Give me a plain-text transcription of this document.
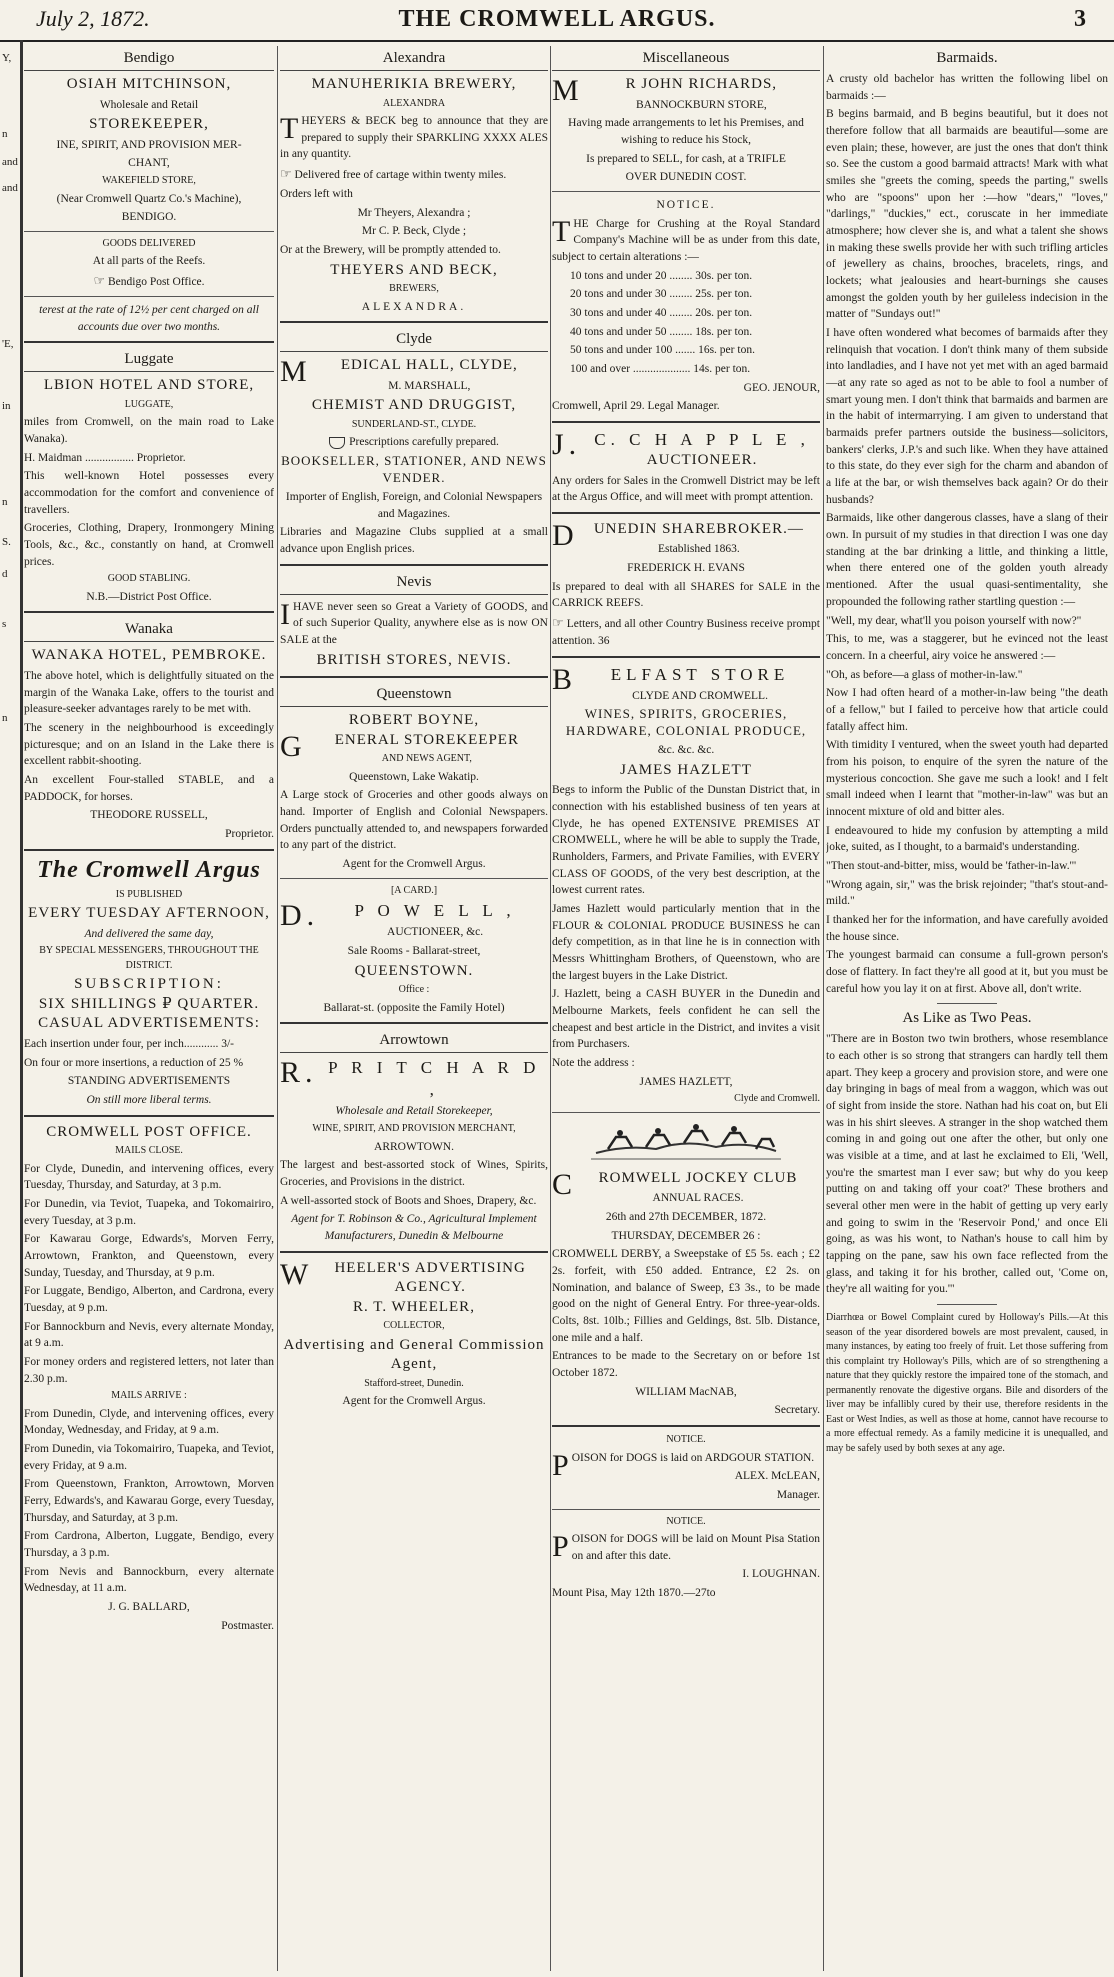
July 2, 1872.	THE CROMWELL ARGUS.	3
Y,
n
and
and
'E,
in
n
S.
d
s
n
Bendigo
OSIAH MITCHINSON,

Wholesale and Retail

STOREKEEPER,

INE, SPIRIT, AND PROVISION MER-

CHANT,

WAKEFIELD STORE,

(Near Cromwell Quartz Co.'s Machine),

BENDIGO.

GOODS DELIVERED

At all parts of the Reefs.

☞ Bendigo Post Office.

terest at the rate of 12½ per cent charged on all accounts due over two months.

Luggate
LBION HOTEL AND STORE,

LUGGATE,

miles from Cromwell, on the main road to Lake Wanaka).

H. Maidman ................. Proprietor.

This well-known Hotel possesses every accommodation for the comfort and convenience of travellers.

Groceries, Clothing, Drapery, Ironmongery Mining Tools, &c., &c., constantly on hand, at Cromwell prices.

GOOD STABLING.

N.B.—District Post Office.

Wanaka
WANAKA HOTEL, PEMBROKE.

The above hotel, which is delightfully situated on the margin of the Wanaka Lake, offers to the tourist and pleasure-seeker advantages rarely to be met with.

The scenery in the neighbourhood is exceedingly picturesque; and on an Island in the Lake there is excellent rabbit-shooting.

An excellent Four-stalled STABLE, and a PADDOCK, for horses.

THEODORE RUSSELL,

Proprietor.

The Cromwell Argus

IS PUBLISHED

EVERY TUESDAY AFTERNOON,

And delivered the same day,

BY SPECIAL MESSENGERS, THROUGHOUT THE DISTRICT.

SUBSCRIPTION:
SIX SHILLINGS ₽ QUARTER.
CASUAL ADVERTISEMENTS:

Each insertion under four, per inch............ 3/-

On four or more insertions, a reduction of 25 %

STANDING ADVERTISEMENTS

On still more liberal terms.

CROMWELL POST OFFICE.

MAILS CLOSE.

For Clyde, Dunedin, and intervening offices, every Tuesday, Thursday, and Saturday, at 3 p.m.

For Dunedin, via Teviot, Tuapeka, and Tokomairiro, every Tuesday, at 3 p.m.

For Kawarau Gorge, Edwards's, Morven Ferry, Arrowtown, Frankton, and Queenstown, every Sunday, Tuesday, and Thursday, at 9 p.m.

For Luggate, Bendigo, Alberton, and Cardrona, every Tuesday, at 9 p.m.

For Bannockburn and Nevis, every alternate Monday, at 9 a.m.

For money orders and registered letters, not later than 2.30 p.m.

MAILS ARRIVE :

From Dunedin, Clyde, and intervening offices, every Monday, Wednesday, and Friday, at 9 a.m.

From Dunedin, via Tokomairiro, Tuapeka, and Teviot, every Friday, at 9 a.m.

From Queenstown, Frankton, Arrowtown, Morven Ferry, Edwards's, and Kawarau Gorge, every Tuesday, Thursday, and Saturday, at 3 p.m.

From Cardrona, Alberton, Luggate, Bendigo, every Thursday, a 3 p.m.

From Nevis and Bannockburn, every alternate Wednesday, at 11 a.m.

J. G. BALLARD,

Postmaster.

Alexandra
MANUHERIKIA BREWERY,

ALEXANDRA

THEYERS & BECK beg to announce that they are prepared to supply their SPARKLING XXXX ALES in any quantity.

☞ Delivered free of cartage within twenty miles.

Orders left with

Mr Theyers, Alexandra ;

Mr C. P. Beck, Clyde ;

Or at the Brewery, will be promptly attended to.

THEYERS AND BECK,

BREWERS,

ALEXANDRA.

Clyde
M EDICAL HALL, CLYDE,

M. MARSHALL,

CHEMIST AND DRUGGIST,

SUNDERLAND-ST., CLYDE.

Prescriptions carefully prepared.

BOOKSELLER, STATIONER, AND NEWS VENDER.

Importer of English, Foreign, and Colonial Newspapers and Magazines.

Libraries and Magazine Clubs supplied at a small advance upon English prices.

Nevis

IHAVE never seen so Great a Variety of GOODS, and of such Superior Quality, anywhere else as is now ON SALE at the

BRITISH STORES, NEVIS.
Queenstown
ROBERT BOYNE,
G ENERAL STOREKEEPER

AND NEWS AGENT,

Queenstown, Lake Wakatip.

A Large stock of Groceries and other goods always on hand. Importer of English and Colonial Newspapers. Orders punctually attended to, and newspapers forwarded to any part of the district.

Agent for the Cromwell Argus.

[A CARD.]

D. P O W E L L ,

AUCTIONEER, &c.

Sale Rooms - Ballarat-street,

QUEENSTOWN.

Office :

Ballarat-st. (opposite the Family Hotel)

Arrowtown
R. P R I T C H A R D ,

Wholesale and Retail Storekeeper,

WINE, SPIRIT, AND PROVISION MERCHANT,

ARROWTOWN.

The largest and best-assorted stock of Wines, Spirits, Groceries, and Provisions in the district.

A well-assorted stock of Boots and Shoes, Drapery, &c.

Agent for T. Robinson & Co., Agricultural Implement Manufacturers, Dunedin & Melbourne

W HEELER'S ADVERTISING AGENCY.
R. T. WHEELER,

COLLECTOR,

Advertising and General Commission Agent,

Stafford-street, Dunedin.

Agent for the Cromwell Argus.

Miscellaneous
M	R JOHN RICHARDS,

BANNOCKBURN STORE,

Having made arrangements to let his Premises, and wishing to reduce his Stock,

Is prepared to SELL, for cash, at a TRIFLE

OVER DUNEDIN COST.

NOTICE.

THE Charge for Crushing at the Royal Standard Company's Machine will be as under from this date, subject to certain alterations :—

10 tons and under 20 ........ 30s. per ton.

20 tons and under 30 ........ 25s. per ton.

30 tons and under 40 ........ 20s. per ton.

40 tons and under 50 ........ 18s. per ton.

50 tons and under 100 ....... 16s. per ton.

100 and over .................... 14s. per ton.

GEO. JENOUR,

Cromwell, April 29. Legal Manager.

J. C. C H A P P L E ,
AUCTIONEER.

Any orders for Sales in the Cromwell District may be left at the Argus Office, and will meet with prompt attention.

D UNEDIN SHAREBROKER.—

Established 1863.

FREDERICK H. EVANS

Is prepared to deal with all SHARES for SALE in the CARRICK REEFS.

☞ Letters, and all other Country Business receive prompt attention. 36

B ELFAST STORE

CLYDE AND CROMWELL.

WINES, SPIRITS, GROCERIES, HARDWARE, COLONIAL PRODUCE,

&c. &c. &c.

JAMES HAZLETT

Begs to inform the Public of the Dunstan District that, in connection with his established business of ten years at Clyde, he has opened EXTENSIVE PREMISES AT CROMWELL, where he will be able to supply the Trade, Runholders, Farmers, and Private Families, with EVERY CLASS OF GOODS, of the very best description, at the lowest current rates.

James Hazlett would particularly mention that in the FLOUR & COLONIAL PRODUCE BUSINESS he can defy competition, as in that line he is in connection with Messrs Whittingham Brothers, of Queenstown, who are the largest buyers in the Lake District.

J. Hazlett, being a CASH BUYER in the Dunedin and Melbourne Markets, feels confident he can sell the cheapest and best article in the District, and invites a visit from Purchasers.

Note the address :

JAMES HAZLETT,

Clyde and Cromwell.

C ROMWELL JOCKEY CLUB

ANNUAL RACES.

26th and 27th DECEMBER, 1872.

THURSDAY, DECEMBER 26 :

CROMWELL DERBY, a Sweepstake of £5 5s. each ; £2 2s. forfeit, with £50 added. Entrance, £2 2s. on Nomination, and balance of Sweep, £3 3s., to be made good on the night of General Entry. For three-year-olds. Colts, 8st. 10lb.; Fillies and Geldings, 8st. 5lb. Distance, one mile and a half.

Entrances to be made to the Secretary on or before 1st October 1872.

WILLIAM MacNAB,

Secretary.

NOTICE.

POISON for DOGS is laid on ARDGOUR STATION.

ALEX. McLEAN,

Manager.

NOTICE.

POISON for DOGS will be laid on Mount Pisa Station on and after this date.

I. LOUGHNAN.

Mount Pisa, May 12th 1870.—27to

Barmaids.

A crusty old bachelor has written the following libel on barmaids :—

B begins barmaid, and B begins beautiful, but it does not therefore follow that all barmaids are beautiful—some are even plain; these, however, are just the ones that don't think so. See the custom a good barmaid attracts! Mark with what smiles she "greets the coming, speeds the parting," swells who are "spoons" upon her :—how "dears," "loves," "darlings," "duckies," ect., coruscate in her immediate atmosphere; how clever she is, and what a talent she shows in making these swells provide her with such trifling articles of jewellery as chains, brooches, bracelets, rings, and lockets; what jealousies and heart-burnings she causes amongst the golden youth by her guileless indecision in the matter of "Sundays out!"

I have often wondered what becomes of barmaids after they relinquish that vocation. I don't think many of them subside into landladies, and I have not yet met with an aged barmaid—at any rate so aged as not to be able to fool a number of smart young men. I don't think that barmaids and barmen are in the habit of intermarrying. I am given to understand that barmaids prefer partners outside the business—solicitors, bankers' clerks, J.P.'s and such like. When they have attained to this state, do they ever sigh for the charm and abandon of a life at the bar, or wish themselves back again? Or do their husbands?

Barmaids, like other dangerous classes, have a slang of their own. In pursuit of my studies in that direction I was one day standing at the bar drinking a little, and thinking a little, when there entered one of the golden youth already mentioned. After the usual quasi-sentimentality, she propounded the following rather startling question :—

"Well, my dear, what'll you poison yourself with now?"

This, to me, was a staggerer, but he evinced not the least concern. In a cheerful, airy voice he answered :—

"Oh, as before—a glass of mother-in-law."

Now I had often heard of a mother-in-law being "the death of a fellow," but I failed to perceive how that article could fatally affect him.

With timidity I ventured, when the sweet youth had departed from his poison, to enquire of the syren the nature of the mysterious concoction. She gave me such a look! and I felt small indeed when I learnt that "mother-in-law" was but an innocent mixture of old and bitter ales.

I endeavoured to hide my confusion by attempting a mild joke, suited, as I thought, to a barmaid's understanding.

"Then stout-and-bitter, miss, would be 'father-in-law.'"

"Wrong again, sir," was the brisk rejoinder; "that's stout-and-mild."

I thanked her for the information, and have carefully avoided the house since.

The youngest barmaid can consume a full-grown person's dose of flattery. In fact they're all good at it, but you must be careful how you lay it on at first. Above all, don't write.

As Like as Two Peas.

"There are in Boston two twin brothers, whose resemblance to each other is so strong that strangers can hardly tell them apart. They keep a grocery and provision store, and were one day bringing in bags of meal from a waggon, which was out of sight from inside the store. Nathan had his coat on, but Eli was in his shirt sleeves. A stranger in the shop watched them coming in and going out one after the other, but only one was visible at a time, and at last he exclaimed to Eli, 'Well, you're the smartest man I ever saw; but why do you keep putting on and taking off your coat?' These brothers and several other men were in the habit of getting up very early and going to swim in the 'Reservoir Pond,' and once Eli going, as was his wont, to Nathan's house to call him by tapping on the pane, saw his own face reflected from the glass, and taking it for his brother, called out, 'Come on, they're all waiting for you.'"

Diarrhœa or Bowel Complaint cured by Holloway's Pills.—At this season of the year disordered bowels are most prevalent, caused, in many instances, by eating too freely of fruit. Let those suffering from this complaint try Holloway's Pills, which are of so strengthening a nature that they quickly restore the impaired tone of the stomach, and permanently renovate the digestive organs. Bile and disorders of the liver may be infallibly cured by their use, therefore residents in the East or West Indies, as well as those at home, cannot have recourse to a more effectual remedy. As a family medicine it is unequalled, and may be safely used by both sexes at any age.
